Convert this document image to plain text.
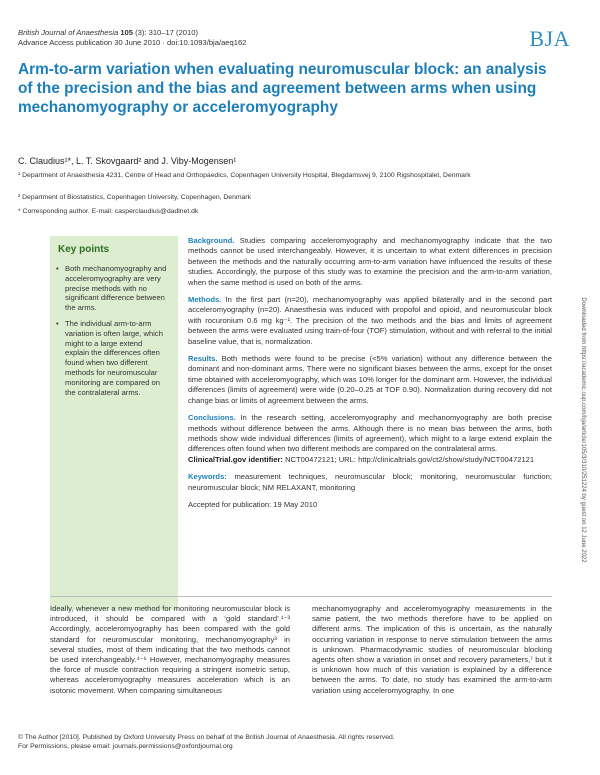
British Journal of Anaesthesia 105 (3): 310–17 (2010)
Advance Access publication 30 June 2010 · doi:10.1093/bja/aeq162	BJA
Arm-to-arm variation when evaluating neuromuscular block: an analysis of the precision and the bias and agreement between arms when using mechanomyography or acceleromyography
C. Claudius¹*, L. T. Skovgaard² and J. Viby-Mogensen¹
¹ Department of Anaesthesia 4231, Centre of Head and Orthopaedics, Copenhagen University Hospital, Blegdamsvej 9, 2100 Rigshospitalet, Denmark
² Department of Biostatistics, Copenhagen University, Copenhagen, Denmark
* Corresponding author. E-mail: casperclaudius@dadlnet.dk
Downloaded from https://academic.oup.com/bja/article/105/3/310/251224 by guest on 12 June 2022
Key points
• Both mechanomyography and acceleromyography are very precise methods with no significant difference between the arms.
• The individual arm-to-arm variation is often large, which might to a large extend explain the differences often found when two different methods for neuromuscular monitoring are compared on the contralateral arms.

Background. Studies comparing acceleromyography and mechanomyography indicate that the two methods cannot be used interchangeably. However, it is uncertain to what extent differences in precision between the methods and the naturally occurring arm-to-arm variation have influenced the results of these studies. Accordingly, the purpose of this study was to examine the precision and the arm-to-arm variation, when the same method is used on both of the arms.

Methods. In the first part (n=20), mechanomyography was applied bilaterally and in the second part acceleromyography (n=20). Anaesthesia was induced with propofol and opioid, and neuromuscular block with rocuronium 0.6 mg kg⁻¹. The precision of the two methods and the bias and limits of agreement between the arms were evaluated using train-of-four (TOF) stimulation, without and with referral to the initial baseline value, that is, normalization.

Results. Both methods were found to be precise (<5% variation) without any difference between the dominant and non-dominant arms. There were no significant biases between the arms, except for the onset time obtained with acceleromyography, which was 10% longer for the dominant arm. However, the individual differences (limits of agreement) were wide (0.20–0.25 at TOF 0.90). Normalization during recovery did not change bias or limits of agreement between the arms.

Conclusions. In the research setting, acceleromyography and mechanomyography are both precise methods without difference between the arms. Although there is no mean bias between the arms, both methods show wide individual differences (limits of agreement), which might to a large extend explain the differences often found when two different methods are compared on the contralateral arms.
ClinicalTrial.gov identifier: NCT00472121; URL: http://clinicaltrials.gov/ct2/show/study/NCT00472121

Keywords: measurement techniques, neuromuscular block; monitoring, neuromuscular function; neuromuscular block; NM RELAXANT, monitoring

Accepted for publication: 19 May 2010

Ideally, whenever a new method for monitoring neuromuscular block is introduced, it should be compared with a ‘gold standard’.¹⁻³ Accordingly, acceleromyography has been compared with the gold standard for neuromuscular monitoring, mechanomyography³ in several studies, most of them indicating that the two methods cannot be used interchangeably.⁴⁻⁶ However, mechanomyography measures the force of muscle contraction requiring a stringent isometric setup, whereas acceleromyography measures acceleration which is an isotonic movement. When comparing simultaneous
mechanomyography and acceleromyography measurements in the same patient, the two methods therefore have to be applied on different arms. The implication of this is uncertain, as the naturally occurring variation in response to nerve stimulation between the arms is unknown. Pharmacodynamic studies of neuromuscular blocking agents often show a variation in onset and recovery parameters,⁷ but it is unknown how much of this variation is explained by a difference between the arms. To date, no study has examined the arm-to-arm variation using acceleromyography. In one
© The Author [2010]. Published by Oxford University Press on behalf of the British Journal of Anaesthesia. All rights reserved.
For Permissions, please email: journals.permissions@oxfordjournal.org
